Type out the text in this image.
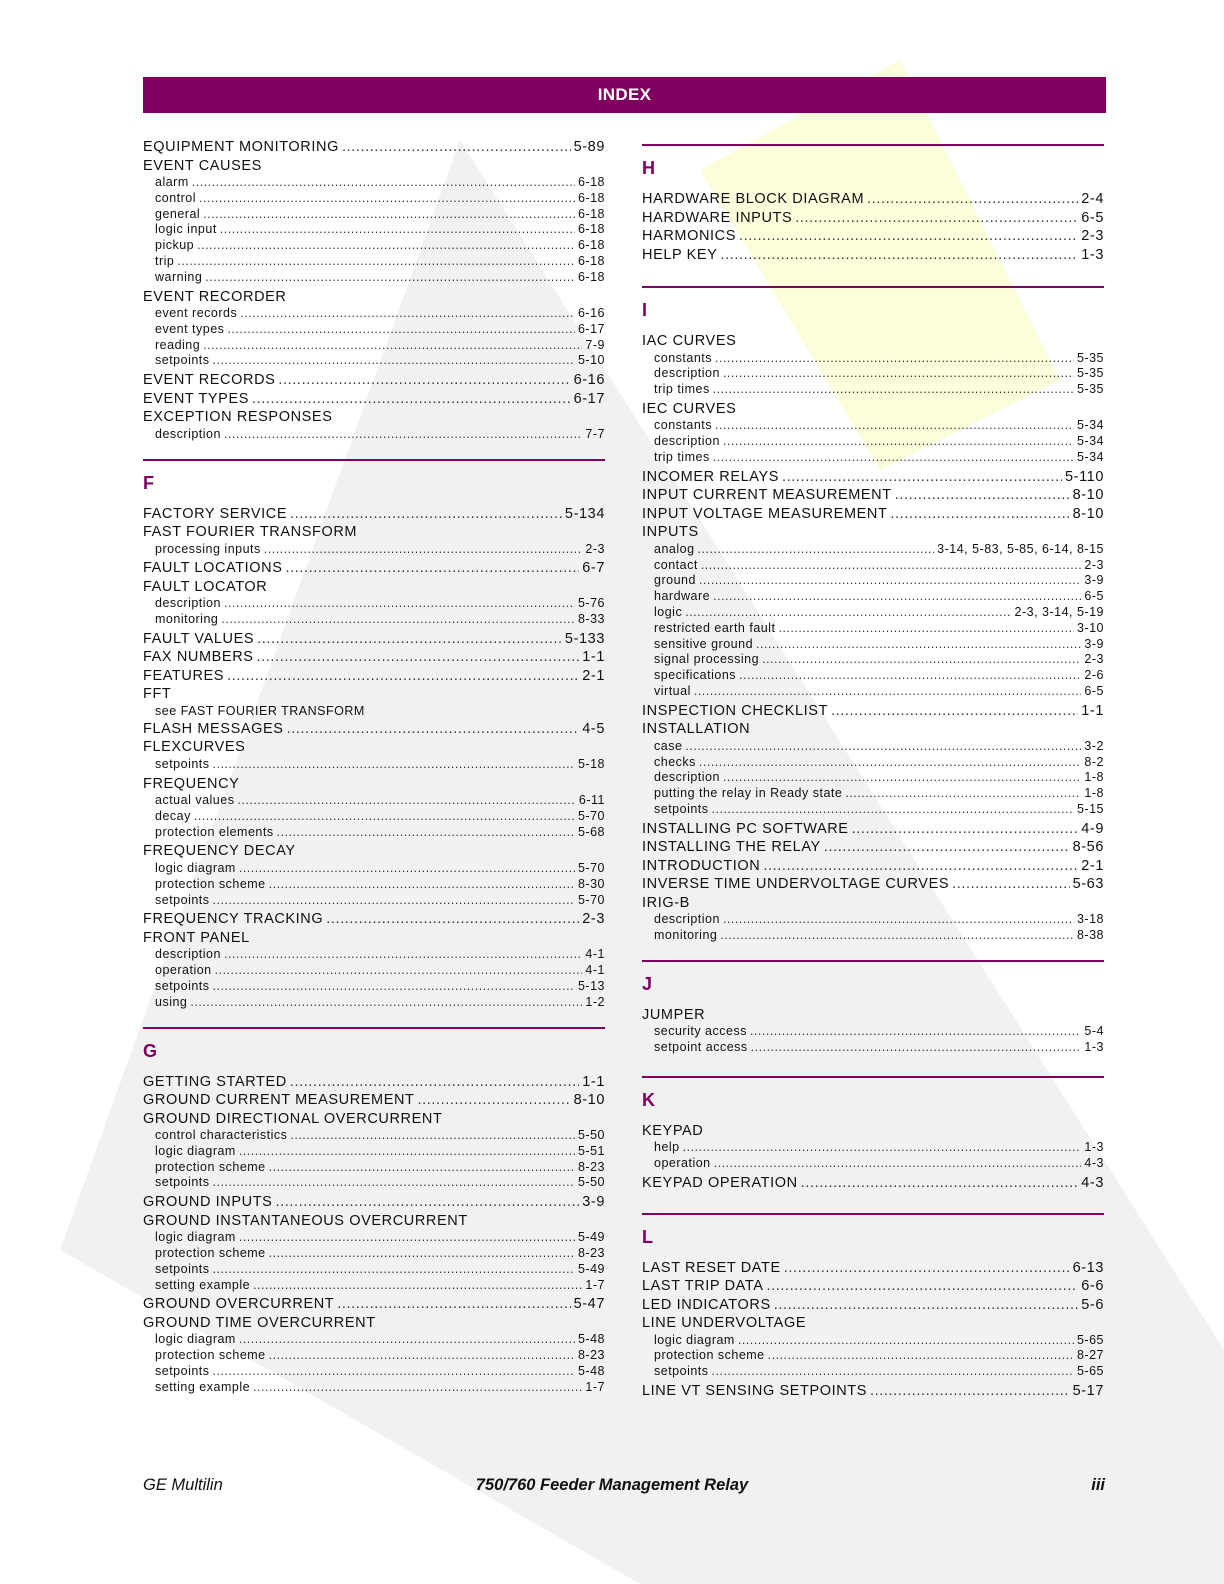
INDEX
EQUIPMENT MONITORING .....	5-89
EVENT CAUSES
alarm .....	6-18
control .....	6-18
general .....	6-18
logic input .....	6-18
pickup .....	6-18
trip .....	6-18
warning .....	6-18
EVENT RECORDER
event records .....	6-16
event types .....	6-17
reading .....	7-9
setpoints .....	5-10
EVENT RECORDS .....	6-16
EVENT TYPES .....	6-17
EXCEPTION RESPONSES
description .....	7-7
F
FACTORY SERVICE .....	5-134
FAST FOURIER TRANSFORM
processing inputs .....	2-3
FAULT LOCATIONS .....	6-7
FAULT LOCATOR
description .....	5-76
monitoring .....	8-33
FAULT VALUES .....	5-133
FAX NUMBERS .....	1-1
FEATURES .....	2-1
FFT
see FAST FOURIER TRANSFORM
FLASH MESSAGES .....	4-5
FLEXCURVES
setpoints .....	5-18
FREQUENCY
actual values .....	6-11
decay .....	5-70
protection elements .....	5-68
FREQUENCY DECAY
logic diagram .....	5-70
protection scheme .....	8-30
setpoints .....	5-70
FREQUENCY TRACKING .....	2-3
FRONT PANEL
description .....	4-1
operation .....	4-1
setpoints .....	5-13
using .....	1-2
G
GETTING STARTED .....	1-1
GROUND CURRENT MEASUREMENT .....	8-10
GROUND DIRECTIONAL OVERCURRENT
control characteristics .....	5-50
logic diagram .....	5-51
protection scheme .....	8-23
setpoints .....	5-50
GROUND INPUTS .....	3-9
GROUND INSTANTANEOUS OVERCURRENT
logic diagram .....	5-49
protection scheme .....	8-23
setpoints .....	5-49
setting example .....	1-7
GROUND OVERCURRENT .....	5-47
GROUND TIME OVERCURRENT
logic diagram .....	5-48
protection scheme .....	8-23
setpoints .....	5-48
setting example .....	1-7
H
HARDWARE BLOCK DIAGRAM .....	2-4
HARDWARE INPUTS .....	6-5
HARMONICS .....	2-3
HELP KEY .....	1-3
I
IAC CURVES
constants .....	5-35
description .....	5-35
trip times .....	5-35
IEC CURVES
constants .....	5-34
description .....	5-34
trip times .....	5-34
INCOMER RELAYS .....	5-110
INPUT CURRENT MEASUREMENT .....	8-10
INPUT VOLTAGE MEASUREMENT .....	8-10
INPUTS
analog .....	3-14, 5-83, 5-85, 6-14, 8-15
contact .....	2-3
ground .....	3-9
hardware .....	6-5
logic .....	2-3, 3-14, 5-19
restricted earth fault .....	3-10
sensitive ground .....	3-9
signal processing .....	2-3
specifications .....	2-6
virtual .....	6-5
INSPECTION CHECKLIST .....	1-1
INSTALLATION
case .....	3-2
checks .....	8-2
description .....	1-8
putting the relay in Ready state .....	1-8
setpoints .....	5-15
INSTALLING PC SOFTWARE .....	4-9
INSTALLING THE RELAY .....	8-56
INTRODUCTION .....	2-1
INVERSE TIME UNDERVOLTAGE CURVES .....	5-63
IRIG-B
description .....	3-18
monitoring .....	8-38
J
JUMPER
security access .....	5-4
setpoint access .....	1-3
K
KEYPAD
help .....	1-3
operation .....	4-3
KEYPAD OPERATION .....	4-3
L
LAST RESET DATE .....	6-13
LAST TRIP DATA .....	6-6
LED INDICATORS .....	5-6
LINE UNDERVOLTAGE
logic diagram .....	5-65
protection scheme .....	8-27
setpoints .....	5-65
LINE VT SENSING SETPOINTS .....	5-17
GE Multilin	750/760 Feeder Management Relay	iii
